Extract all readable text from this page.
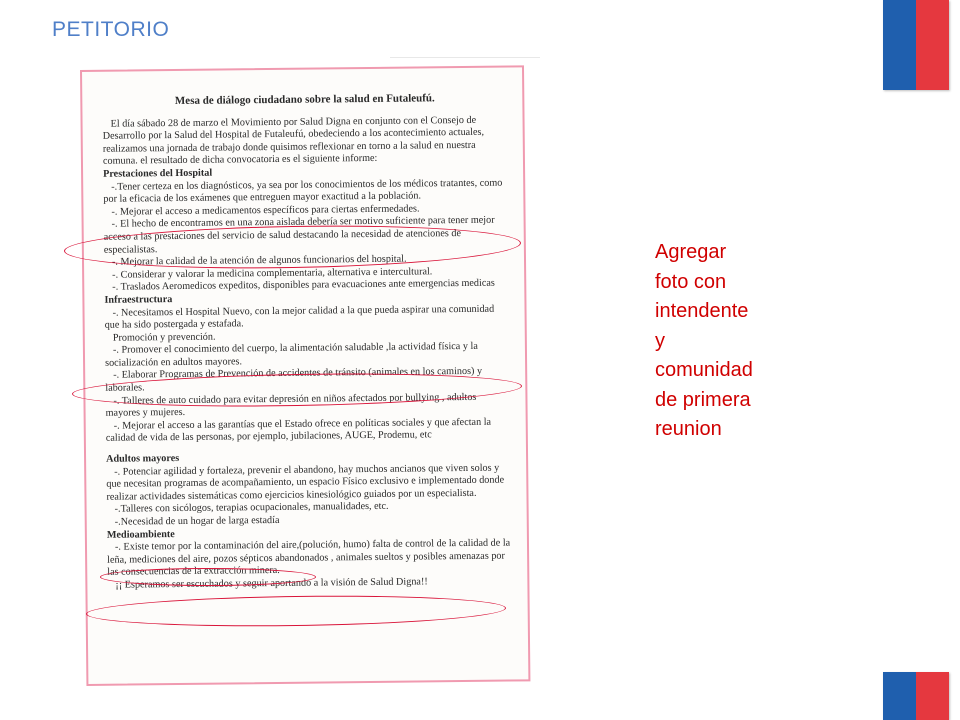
PETITORIO
Agregar
foto con
intendente
y
comunidad
de primera
reunion
Mesa de diálogo ciudadano sobre la salud en Futaleufú.

El día sábado 28 de marzo el Movimiento por Salud Digna en conjunto con el Consejo de Desarrollo por la Salud del Hospital de Futaleufú, obedeciendo a los acontecimiento actuales, realizamos una jornada de trabajo donde quisimos reflexionar en torno a la salud en nuestra comuna. el resultado de dicha convocatoria es el siguiente informe:

Prestaciones del Hospital

-.Tener certeza en los diagnósticos, ya sea por los conocimientos de los médicos tratantes, como por la eficacia de los exámenes que entreguen mayor exactitud a la población.

-. Mejorar el acceso a medicamentos específicos para ciertas enfermedades.

-. El hecho de encontramos en una zona aislada debería ser motivo suficiente para tener mejor acceso a las prestaciones del servicio de salud destacando la necesidad de atenciones de especialistas.

-. Mejorar la calidad de la atención de algunos funcionarios del hospital.

-. Considerar y valorar la medicina complementaria, alternativa e intercultural.

-. Traslados Aeromedicos expeditos, disponibles para evacuaciones ante emergencias medicas

Infraestructura

-. Necesitamos el Hospital Nuevo, con la mejor calidad a la que pueda aspirar una comunidad que ha sido postergada y estafada.

Promoción y prevención.

-. Promover el conocimiento del cuerpo, la alimentación saludable ,la actividad física y la socialización en adultos mayores.

-. Elaborar Programas de Prevención de accidentes de tránsito (animales en los caminos) y laborales.

-. Talleres de auto cuidado para evitar depresión en niños afectados por bullying , adultos mayores y mujeres.

-. Mejorar el acceso a las garantías que el Estado ofrece en políticas sociales y que afectan la calidad de vida de las personas, por ejemplo, jubilaciones, AUGE, Prodemu, etc

Adultos mayores

-. Potenciar agilidad y fortaleza, prevenir el abandono, hay muchos ancianos que viven solos y que necesitan programas de acompañamiento, un espacio Físico exclusivo e implementado donde realizar actividades sistemáticas como ejercicios kinesiológico guiados por un especialista.

-.Talleres con sicólogos, terapias ocupacionales, manualidades, etc.

-.Necesidad de un hogar de larga estadía

Medioambiente

-. Existe temor por la contaminación del aire,(polución, humo) falta de control de la calidad de la leña, mediciones del aire, pozos sépticos abandonados , animales sueltos y posibles amenazas por las consecuencias de la extracción minera.

¡¡ Esperamos ser escuchados y seguir aportando a la visión de Salud Digna!!
